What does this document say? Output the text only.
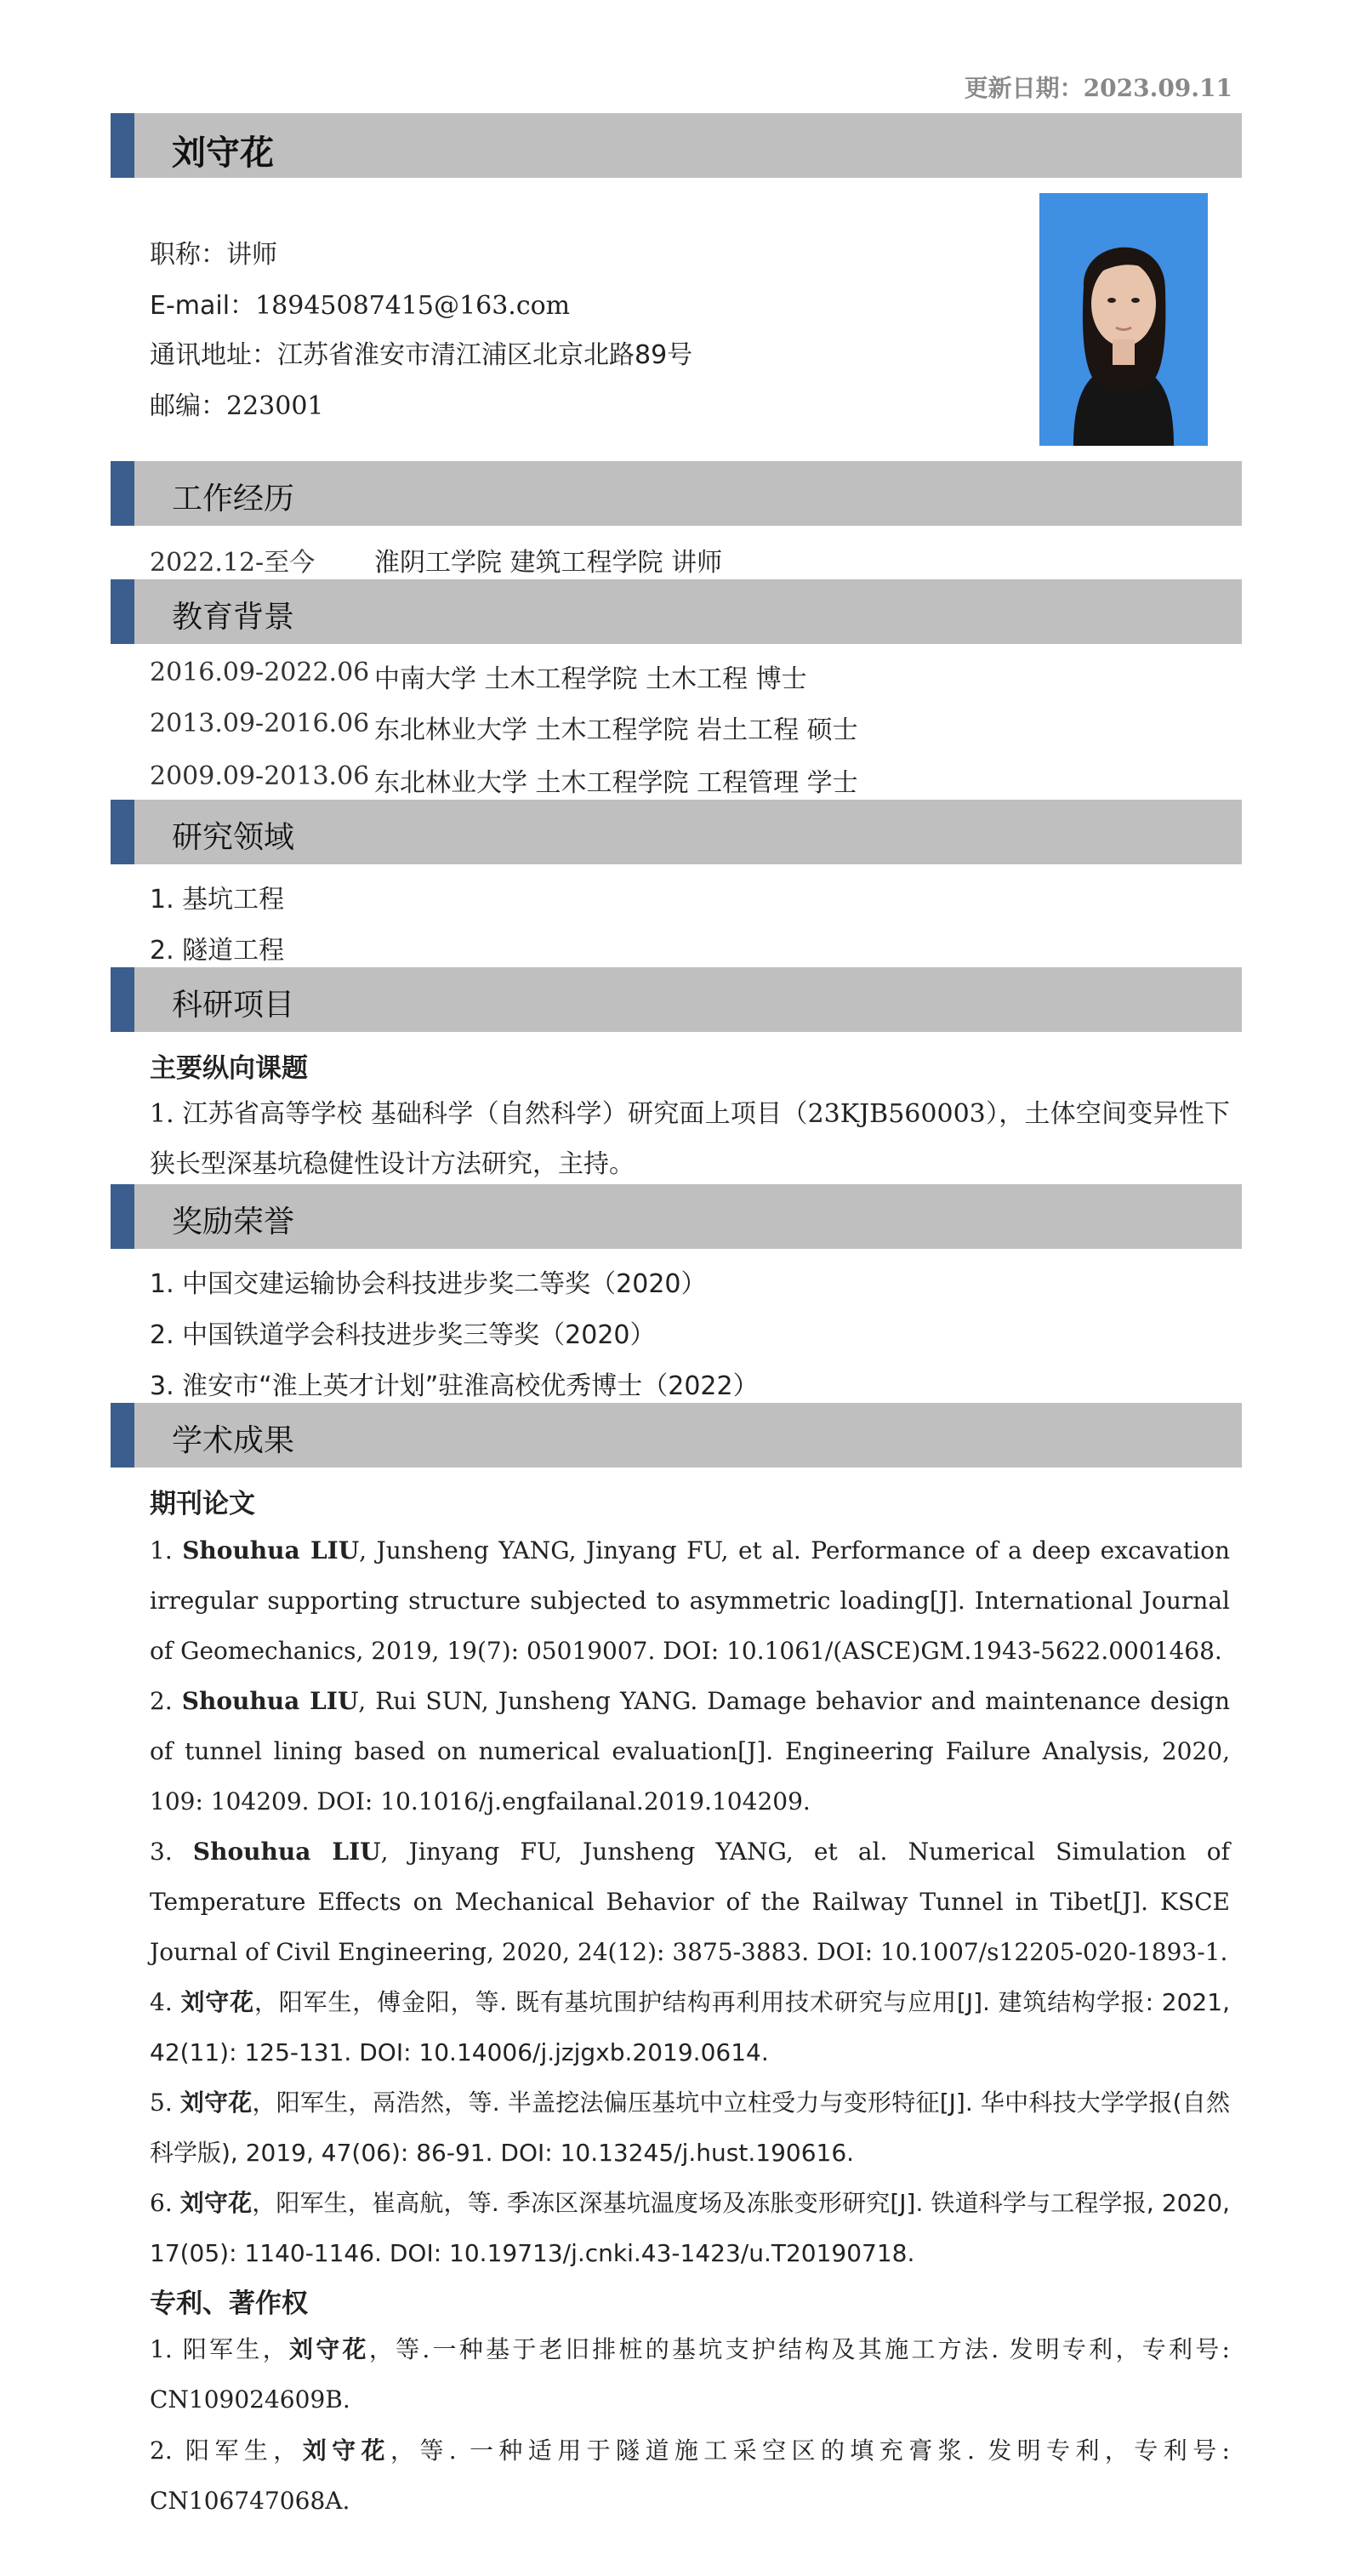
更新日期：2023.09.11
刘守花
职称：讲师
E-mail：18945087415@163.com
通讯地址：江苏省淮安市清江浦区北京北路89号
邮编：223001
工作经历
2022.12-至今 淮阴工学院 建筑工程学院 讲师
教育背景
2016.09-2022.06 中南大学 土木工程学院 土木工程 博士
2013.09-2016.06 东北林业大学 土木工程学院 岩土工程 硕士
2009.09-2013.06 东北林业大学 土木工程学院 工程管理 学士
研究领域
1. 基坑工程
2. 隧道工程
科研项目
主要纵向课题
1. 江苏省高等学校 基础科学（自然科学）研究面上项目（23KJB560003），土体空间变异性下狭长型深基坑稳健性设计方法研究，主持。
奖励荣誉
1. 中国交建运输协会科技进步奖二等奖（2020）
2. 中国铁道学会科技进步奖三等奖（2020）
3. 淮安市“淮上英才计划”驻淮高校优秀博士（2022）
学术成果
期刊论文
1. Shouhua LIU, Junsheng YANG, Jinyang FU, et al. Performance of a deep excavation irregular supporting structure subjected to asymmetric loading[J]. International Journal of Geomechanics, 2019, 19(7): 05019007. DOI: 10.1061/(ASCE)GM.1943-5622.0001468.
2. Shouhua LIU, Rui SUN, Junsheng YANG. Damage behavior and maintenance design of tunnel lining based on numerical evaluation[J]. Engineering Failure Analysis, 2020, 109: 104209. DOI: 10.1016/j.engfailanal.2019.104209.
3. Shouhua LIU, Jinyang FU, Junsheng YANG, et al. Numerical Simulation of Temperature Effects on Mechanical Behavior of the Railway Tunnel in Tibet[J]. KSCE Journal of Civil Engineering, 2020, 24(12): 3875-3883. DOI: 10.1007/s12205-020-1893-1.
4. 刘守花，阳军生，傅金阳，等. 既有基坑围护结构再利用技术研究与应用[J]. 建筑结构学报: 2021, 42(11): 125-131. DOI: 10.14006/j.jzjgxb.2019.0614.
5. 刘守花，阳军生，鬲浩然，等. 半盖挖法偏压基坑中立柱受力与变形特征[J]. 华中科技大学学报(自然科学版), 2019, 47(06): 86-91. DOI: 10.13245/j.hust.190616.
6. 刘守花，阳军生，崔高航，等. 季冻区深基坑温度场及冻胀变形研究[J]. 铁道科学与工程学报, 2020, 17(05): 1140-1146. DOI: 10.19713/j.cnki.43-1423/u.T20190718.
专利、著作权
1. 阳军生，刘守花，等.一种基于老旧排桩的基坑支护结构及其施工方法. 发明专利，专利号: CN109024609B.
2. 阳军生，刘守花，等. 一种适用于隧道施工采空区的填充膏浆. 发明专利，专利号: CN106747068A.
